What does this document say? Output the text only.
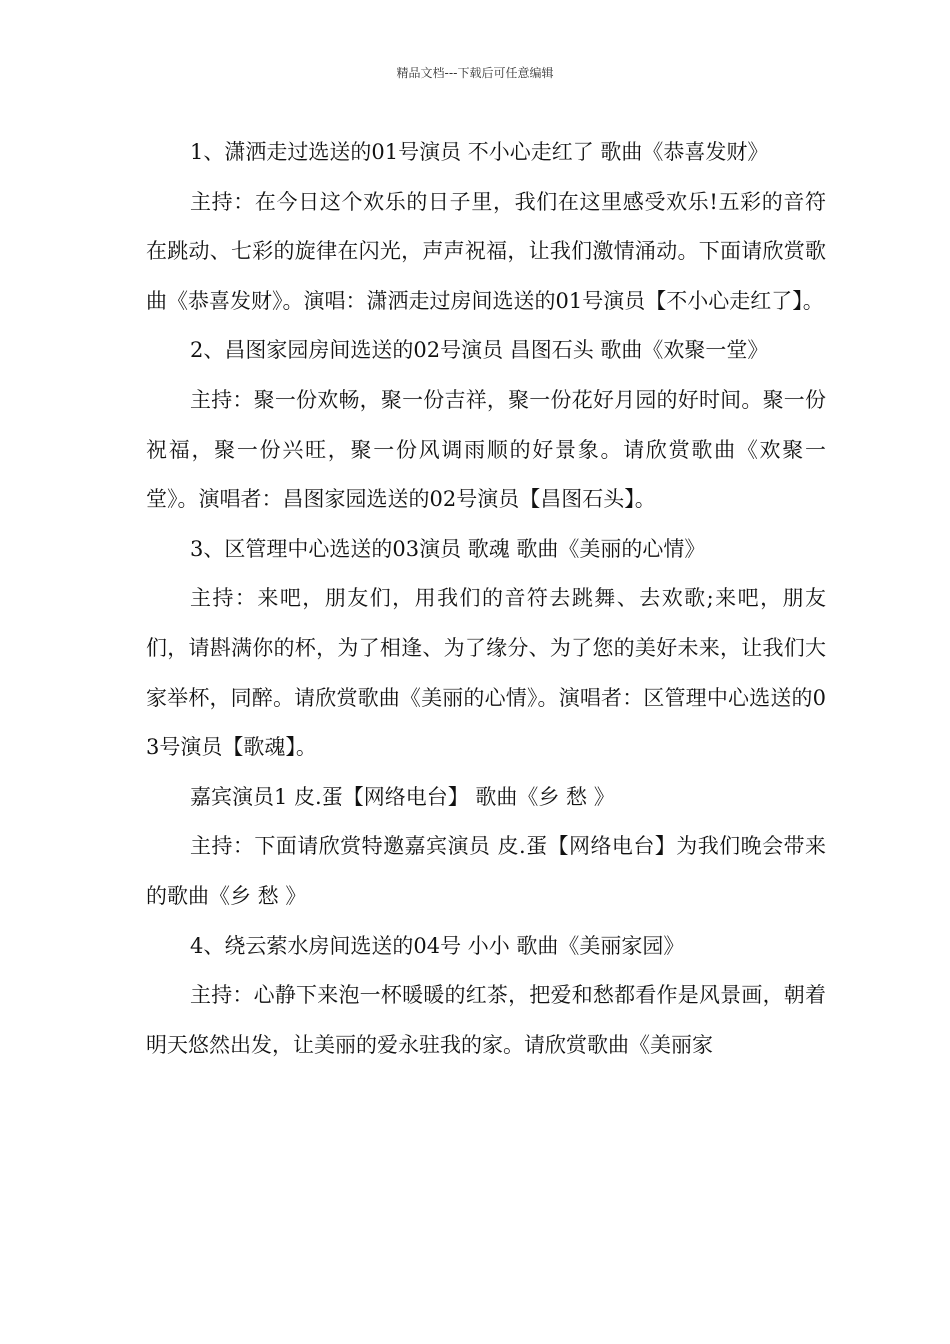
精品文档---下载后可任意编辑

1、潇洒走过选送的01号演员 不小心走红了 歌曲《恭喜发财》

主持：在今日这个欢乐的日子里，我们在这里感受欢乐!五彩的音符在跳动、七彩的旋律在闪光，声声祝福，让我们激情涌动。下面请欣赏歌曲《恭喜发财》。演唱：潇洒走过房间选送的01号演员【不小心走红了】。

2、昌图家园房间选送的02号演员 昌图石头 歌曲《欢聚一堂》

主持：聚一份欢畅，聚一份吉祥，聚一份花好月园的好时间。聚一份祝福，聚一份兴旺，聚一份风调雨顺的好景象。请欣赏歌曲《欢聚一堂》。演唱者：昌图家园选送的02号演员【昌图石头】。

3、区管理中心选送的03演员 歌魂 歌曲《美丽的心情》

主持：来吧，朋友们，用我们的音符去跳舞、去欢歌;来吧，朋友们，请斟满你的杯，为了相逢、为了缘分、为了您的美好未来，让我们大家举杯，同醉。请欣赏歌曲《美丽的心情》。演唱者：区管理中心选送的03号演员【歌魂】。

嘉宾演员1 皮.蛋【网络电台】 歌曲《乡 愁 》

主持：下面请欣赏特邀嘉宾演员 皮.蛋【网络电台】为我们晚会带来的歌曲《乡 愁 》

4、绕云萦水房间选送的04号 小小 歌曲《美丽家园》

主持：心静下来泡一杯暖暖的红茶，把爱和愁都看作是风景画，朝着明天悠然出发，让美丽的爱永驻我的家。请欣赏歌曲《美丽家
